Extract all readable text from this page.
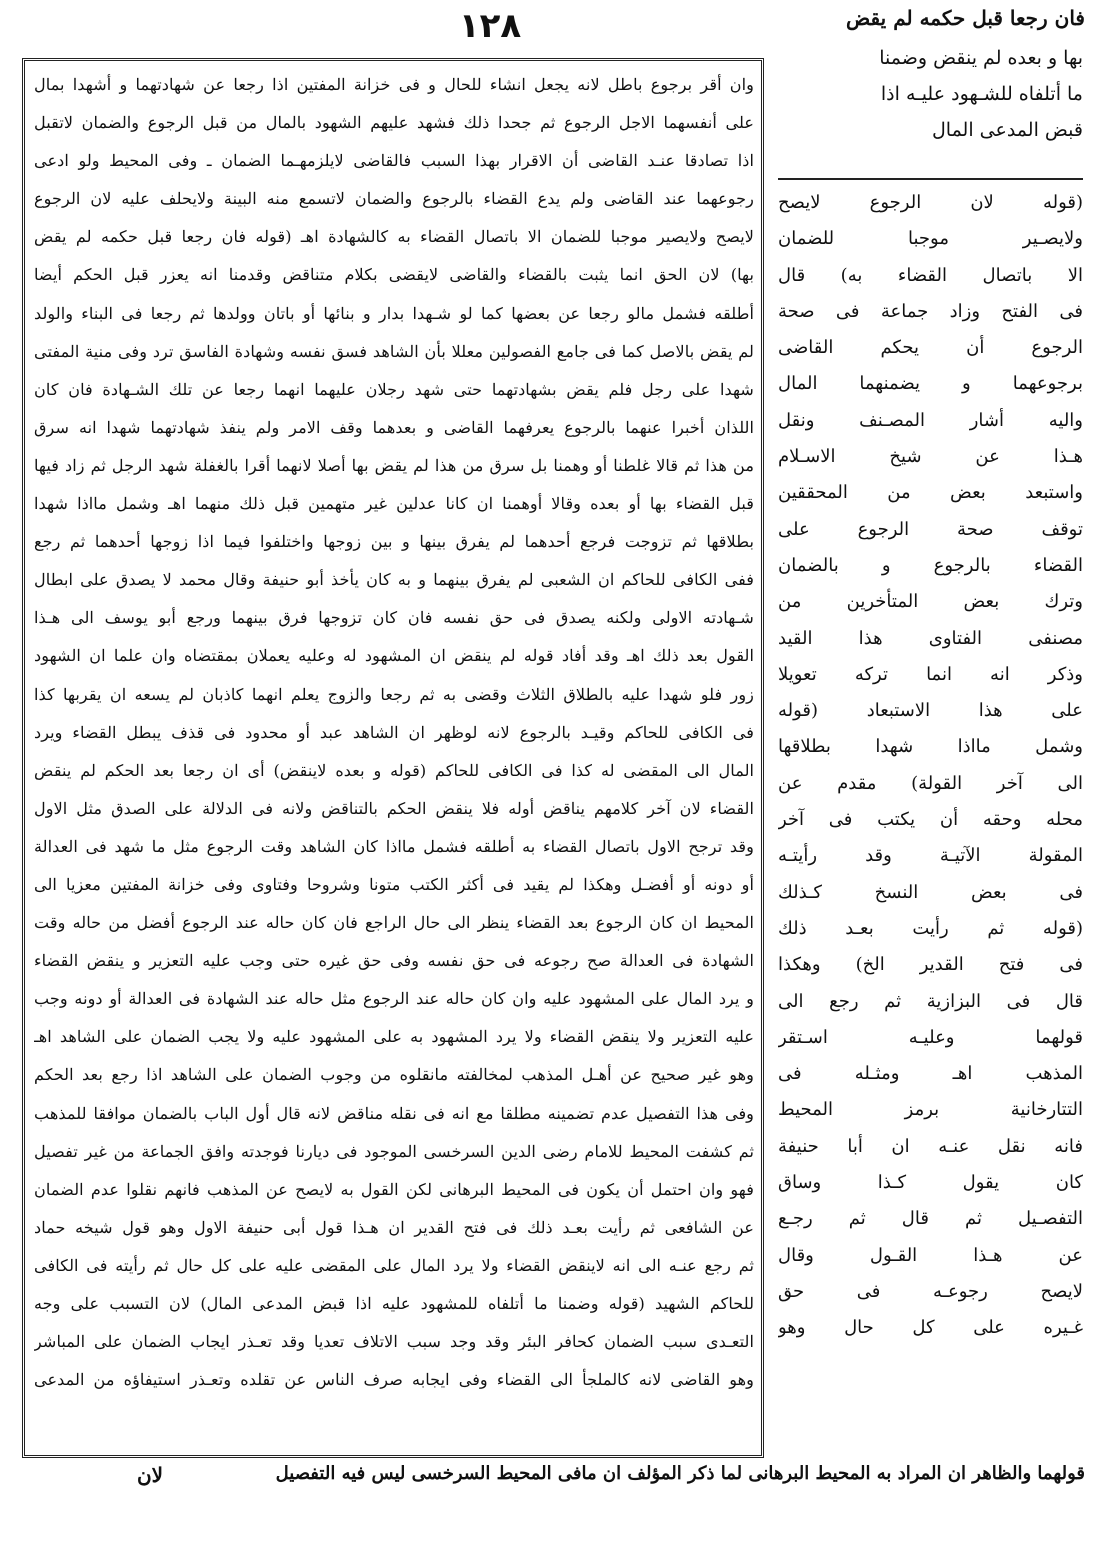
١٢٨	فان رجعا قبل حكمه لم يقض
وان أقر برجوع باطل لانه يجعل انشاء للحال و فى خزانة المفتين اذا رجعا عن شهادتهما و أشهدا بمال
على أنفسهما الاجل الرجوع ثم جحدا ذلك فشهد عليهم الشهود بالمال من قبل الرجوع والضمان لاتقبل
اذا تصادقا عنـد القاضى أن الاقرار بهذا السبب فالقاضى لايلزمهـما الضمان ـ وفى المحيط ولو ادعى
رجوعهما عند القاضى ولم يدع القضاء بالرجوع والضمان لاتسمع منه البينة ولايحلف عليه لان الرجوع
لايصح ولايصير موجبا للضمان الا باتصال القضاء به كالشهادة اهـ (قوله فان رجعا قبل حكمه لم يقض
بها) لان الحق انما يثبت بالقضاء والقاضى لايقضى بكلام متناقض وقدمنا انه يعزر قبل الحكم أيضا
أطلقه فشمل مالو رجعا عن بعضها كما لو شـهدا بدار و بنائها أو باتان وولدها ثم رجعا فى البناء والولد
لم يقض بالاصل كما فى جامع الفصولين معللا بأن الشاهد فسق نفسه وشهادة الفاسق ترد وفى منية المفتى
شهدا على رجل فلم يقض بشهادتهما حتى شهد رجلان عليهما انهما رجعا عن تلك الشـهادة فان كان
اللذان أخبرا عنهما بالرجوع يعرفهما القاضى و بعدهما وقف الامر ولم ينفذ شهادتهما شهدا انه سرق
من هذا ثم قالا غلطنا أو وهمنا بل سرق من هذا لم يقض بها أصلا لانهما أقرا بالغفلة شهد الرجل ثم زاد فيها
قبل القضاء بها أو بعده وقالا أوهمنا ان كانا عدلين غير متهمين قبل ذلك منهما اهـ وشمل مااذا شهدا
بطلاقها ثم تزوجت فرجع أحدهما لم يفرق بينها و بين زوجها واختلفوا فيما اذا زوجها أحدهما ثم رجع
ففى الكافى للحاكم ان الشعبى لم يفرق بينهما و به كان يأخذ أبو حنيفة وقال محمد لا يصدق على ابطال
شـهادته الاولى ولكنه يصدق فى حق نفسه فان كان تزوجها فرق بينهما ورجع أبو يوسف الى هـذا
القول بعد ذلك اهـ وقد أفاد قوله لم ينقض ان المشهود له وعليه يعملان بمقتضاه وان علما ان الشهود
زور فلو شهدا عليه بالطلاق الثلاث وقضى به ثم رجعا والزوج يعلم انهما كاذبان لم يسعه ان يقربها كذا
فى الكافى للحاكم وقيـد بالرجوع لانه لوظهر ان الشاهد عبد أو محدود فى قذف يبطل القضاء ويرد
المال الى المقضى له كذا فى الكافى للحاكم (قوله و بعده لاينقض) أى ان رجعا بعد الحكم لم ينقض
القضاء لان آخر كلامهم يناقض أوله فلا ينقض الحكم بالتناقض ولانه فى الدلالة على الصدق مثل الاول
وقد ترجح الاول باتصال القضاء به أطلقه فشمل مااذا كان الشاهد وقت الرجوع مثل ما شهد فى العدالة
أو دونه أو أفضـل وهكذا لم يقيد فى أكثر الكتب متونا وشروحا وفتاوى وفى خزانة المفتين معزيا الى
المحيط ان كان الرجوع بعد القضاء ينظر الى حال الراجع فان كان حاله عند الرجوع أفضل من حاله وقت
الشهادة فى العدالة صح رجوعه فى حق نفسه وفى حق غيره حتى وجب عليه التعزير و ينقض القضاء
و يرد المال على المشهود عليه وان كان حاله عند الرجوع مثل حاله عند الشهادة فى العدالة أو دونه وجب
عليه التعزير ولا ينقض القضاء ولا يرد المشهود به على المشهود عليه ولا يجب الضمان على الشاهد اهـ
وهو غير صحيح عن أهـل المذهب لمخالفته مانقلوه من وجوب الضمان على الشاهد اذا رجع بعد الحكم
وفى هذا التفصيل عدم تضمينه مطلقا مع انه فى نقله مناقض لانه قال أول الباب بالضمان موافقا للمذهب
ثم كشفت المحيط للامام رضى الدين السرخسى الموجود فى ديارنا فوجدته وافق الجماعة من غير تفصيل
فهو وان احتمل أن يكون فى المحيط البرهانى لكن القول به لايصح عن المذهب فانهم نقلوا عدم الضمان
عن الشافعى ثم رأيت بعـد ذلك فى فتح القدير ان هـذا قول أبى حنيفة الاول وهو قول شيخه حماد
ثم رجع عنـه الى انه لاينقض القضاء ولا يرد المال على المقضى عليه على كل حال ثم رأيته فى الكافى
للحاكم الشهيد (قوله وضمنا ما أتلفاه للمشهود عليه اذا قبض المدعى المال) لان التسبب على وجه
التعـدى سبب الضمان كحافر البئر وقد وجد سبب الاتلاف تعديا وقد تعـذر ايجاب الضمان على المباشر
وهو القاضى لانه كالملجأ الى القضاء وفى ايجابه صرف الناس عن تقلده وتعـذر استيفاؤه من المدعى
بها و بعده لم ينقض وضمنا
ما أتلفاه للشـهود عليـه اذا
قبض المدعى المال
(قوله لان الرجوع لايصح
ولايصـير موجبا للضمان
الا باتصال القضاء به) قال
فى الفتح وزاد جماعة فى صحة
الرجوع أن يحكم القاضى
برجوعهما و يضمنهما المال
واليه أشار المصـنف ونقل
هـذا عن شيخ الاسـلام
واستبعد بعض من المحققين
توقف صحة الرجوع على
القضاء بالرجوع و بالضمان
وترك بعض المتأخرين من
مصنفى الفتاوى هذا القيد
وذكر انه انما تركه تعويلا
على هذا الاستبعاد (قوله
وشمل مااذا شهدا بطلاقها
الى آخر القولة) مقدم عن
محله وحقه أن يكتب فى آخر
المقولة الآتيـة وقد رأيتـه
فى بعض النسخ كـذلك
(قوله ثم رأيت بعـد ذلك
فى فتح القدير الخ) وهكذا
قال فى البزازية ثم رجع الى
قولهما وعليـه اسـتقر
المذهب اهـ ومثـله فى
التتارخانية برمز المحيط
فانه نقل عنـه ان أبا حنيفة
كان يقول كـذا وساق
التفصـيل ثم قال ثم رجـع
عن هـذا القـول وقال
لايصح رجوعـه فى حق
غـيره على كل حال وهو
قولهما والظاهر ان المراد به المحيط البرهانى لما ذكر المؤلف ان مافى المحيط السرخسى ليس فيه التفصيل
لان
